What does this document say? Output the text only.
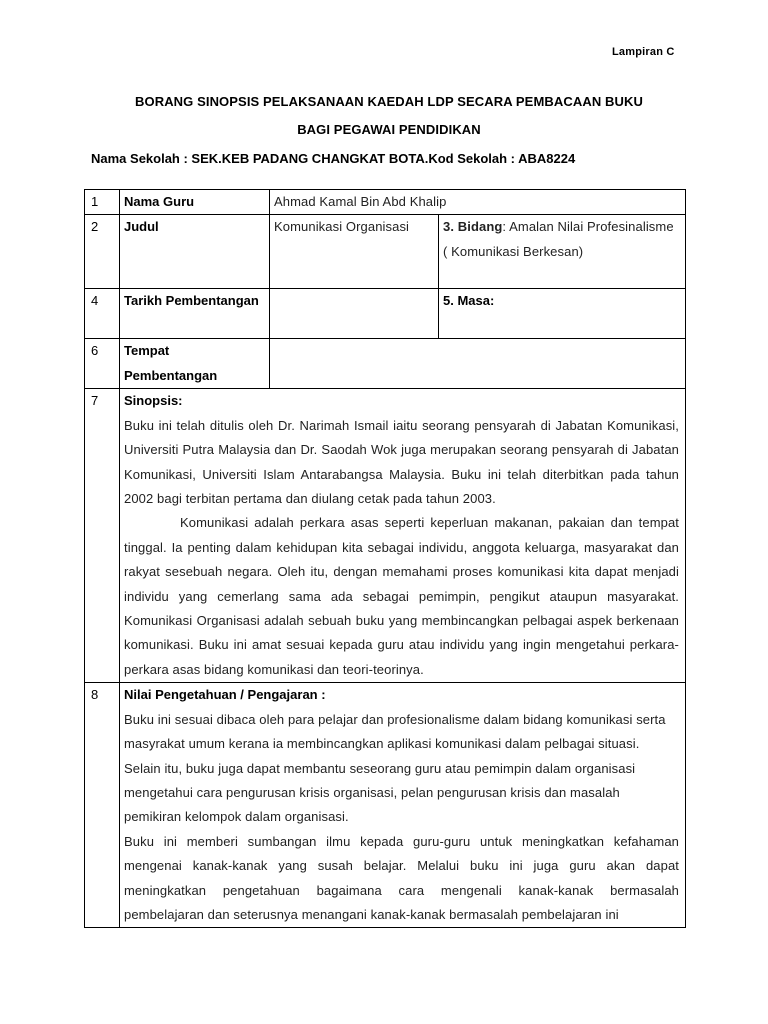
Lampiran C
BORANG SINOPSIS PELAKSANAAN KAEDAH LDP SECARA PEMBACAAN BUKU
BAGI PEGAWAI PENDIDIKAN
Nama Sekolah : SEK.KEB PADANG CHANGKAT BOTA.Kod Sekolah : ABA8224
1	Nama Guru	Ahmad Kamal Bin Abd Khalip	
2	Judul	Komunikasi Organisasi	3. Bidang: Amalan Nilai Profesinalisme ( Komunikasi Berkesan)
4	Tarikh Pembentangan		5. Masa:
6	Tempat Pembentangan		
7	Sinopsis:

Buku ini telah ditulis oleh Dr. Narimah Ismail iaitu seorang pensyarah di Jabatan Komunikasi, Universiti Putra Malaysia dan Dr. Saodah Wok juga merupakan seorang pensyarah di Jabatan Komunikasi, Universiti Islam Antarabangsa Malaysia. Buku ini telah diterbitkan pada tahun 2002 bagi terbitan pertama dan diulang cetak pada tahun 2003.

Komunikasi adalah perkara asas seperti keperluan makanan, pakaian dan tempat tinggal. Ia penting dalam kehidupan kita sebagai individu, anggota keluarga, masyarakat dan rakyat sesebuah negara. Oleh itu, dengan memahami proses komunikasi kita dapat menjadi individu yang cemerlang sama ada sebagai pemimpin, pengikut ataupun masyarakat. Komunikasi Organisasi adalah sebuah buku yang membincangkan pelbagai aspek berkenaan komunikasi. Buku ini amat sesuai kepada guru atau individu yang ingin mengetahui perkara-perkara asas bidang komunikasi dan teori-teorinya.		

8	Nilai Pengetahuan / Pengajaran :

Buku ini sesuai dibaca oleh para pelajar dan profesionalisme dalam bidang komunikasi serta masyrakat umum kerana ia membincangkan aplikasi komunikasi dalam pelbagai situasi. Selain itu, buku juga dapat membantu seseorang guru atau pemimpin dalam organisasi mengetahui cara pengurusan krisis organisasi, pelan pengurusan krisis dan masalah pemikiran kelompok dalam organisasi.

Buku ini memberi sumbangan ilmu kepada guru-guru untuk meningkatkan kefahaman mengenai kanak-kanak yang susah belajar. Melalui buku ini juga guru akan dapat meningkatkan pengetahuan bagaimana cara mengenali kanak-kanak bermasalah pembelajaran dan seterusnya menangani kanak-kanak bermasalah pembelajaran ini		
